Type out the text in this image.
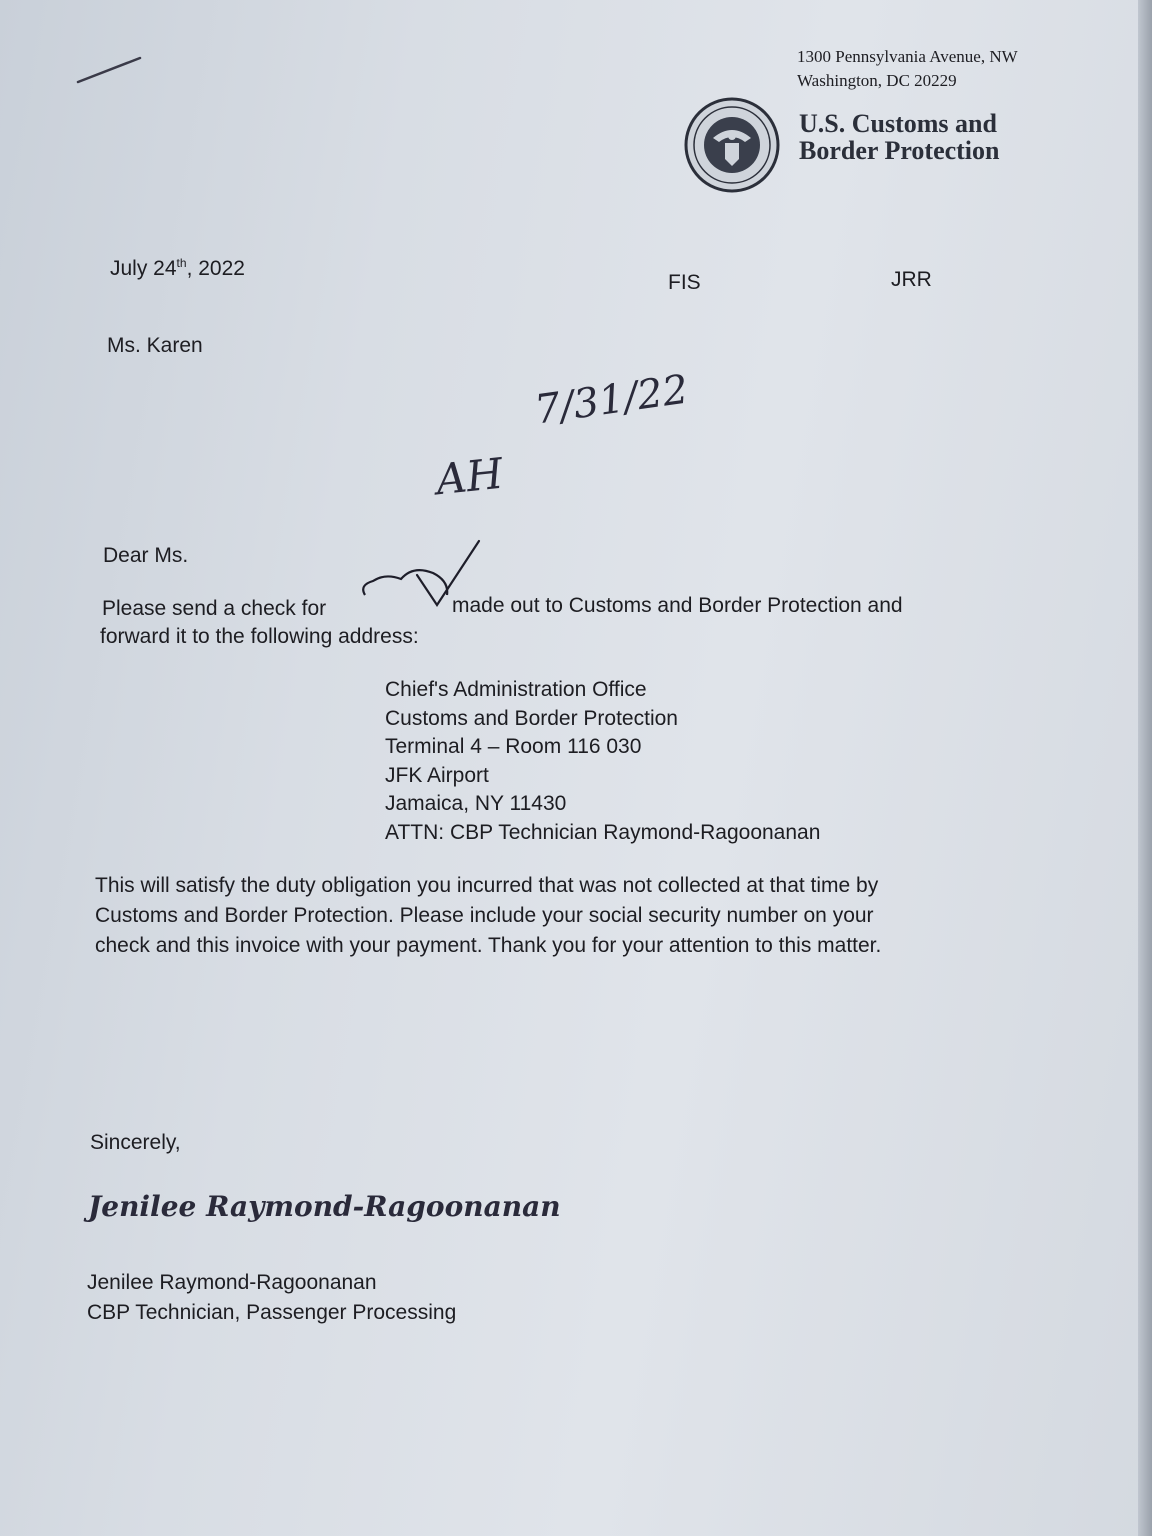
1300 Pennsylvania Avenue, NW
Washington, DC 20229
U.S. Customs and
Border Protection
July 24th, 2022
FIS	JRR
Ms. Karen
7/31/22
AH
Dear Ms.
Please send a check for	made out to Customs and Border Protection and
forward it to the following address:
Chief's Administration Office
Customs and Border Protection
Terminal 4 – Room 116 030
JFK Airport
Jamaica, NY 11430
ATTN: CBP Technician Raymond-Ragoonanan
This will satisfy the duty obligation you incurred that was not collected at that time by
Customs and Border Protection. Please include your social security number on your
check and this invoice with your payment. Thank you for your attention to this matter.
Sincerely,
Jenilee Raymond-Ragoonanan
Jenilee Raymond-Ragoonanan
CBP Technician, Passenger Processing
